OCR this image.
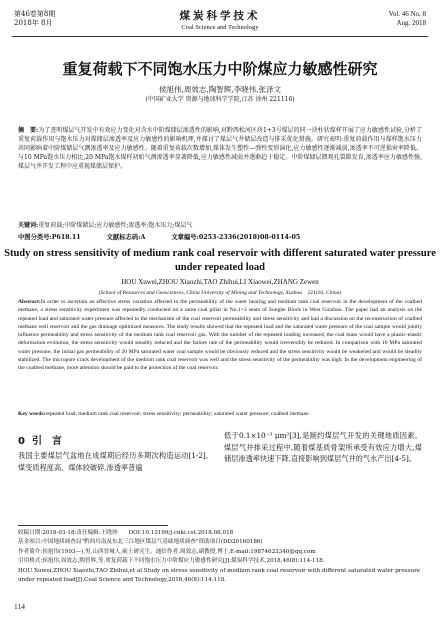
第46卷第8期
2018年 8月
煤炭科学技术
Coal Science and Technology
Vol. 46 No. 8
Aug. 2018
重复荷载下不同饱水压力中阶煤应力敏感性研究
侯旭伟,周效志,陶智辉,李晓伟,张泽文
(中国矿业大学 资源与地球科学学院,江苏 徐州 221116)
摘　要:为了查明煤层气开发中有效应力变化对含水中阶煤储层渗透性的影响,对黔西松河区块1+3号煤层的同一块柱状煤样开展了应力敏感性试验,分析了重复荷载作用与饱水压力对煤储层渗透率及应力敏感性的影响机理,并探讨了煤层气井储层改造与排采优化措施。研究表明:重复荷载作用与煤样饱水压力共同影响着中阶煤储层气测渗透率及应力敏感性。随着重复荷载次数增加,煤体发生塑性—弹性变形演化,应力敏感性逐渐减弱,渗透率不可逆损害率降低。与10 MPa饱水压力相比,20 MPa饱水煤样初始气测渗透率显著降低,应力敏感性减弱并逐渐趋于稳定。中阶煤储层微观孔裂隙发育,渗透率应力敏感性强,煤层气井开发工程中应重视煤储层保护。
关键词:重复荷载;中阶煤储层;应力敏感性;渗透率;饱水压力;煤层气
中图分类号:P618.11	文献标志码:A	文章编号:0253-2336(2018)08-0114-05
Study on stress sensitivity of medium rank coal reservoir with different saturated water pressure under repeated load
HOU Xuwei,ZHOU Xiaozhi,TAO Zhihui,LI Xiaowei,ZHANG Zewen
(School of Resources and Geosciences, China University of Mining and Technology, Xuzhou　221116, China)
Abstract:In order to ascertain an effective stress variation affected to the permeability of the water bearing and medium rank coal reservoir in the development of the coalbed methane, a stress sensitivity experiment was repeatedly conducted on a same coal pillar in No.1+3 seam of Songhe Block in West Guizhou. The paper had an analysis on the repeated load and saturated water pressure affected to the mechanism of the coal reservoir permeability and stress sensitivity and had a discussion on the reconstruction of coalbed methane well reservoir and the gas drainage optimized measures. The study results showed that the repeated load and the saturated water pressure of the coal sample would jointly influence permeability and stress sensitivity of the medium rank coal reservoir gas. With the number of the repeated loading increased, the coal mass would have a plastic-elastic deformation evolution, the stress sensitivity would steadily reduced and the failure rate of the permeability would irreversibly be reduced. In comparison with 10 MPa saturated water pressure, the initial gas permeability of 20 MPa saturated water coal sample would be obviously reduced and the stress sensitivity would be weakened and would be steadily stabilized. The micropore crack development of the medium rank coal reservoir was well and the stress sensitivity of the permeability was high. In the development engineering of the coalbed methane, more attention should be paid to the protection of the coal reservoir.
Key words:repeated load; medium rank coal reservoir; stress sensitivity; permeability; saturated water pressure; coalbed methane
0 引　言
我国主要煤层气盆地在成煤期后经历多期次构造运动[1-2],煤变质程度高、煤体较破碎,渗透率普遍
低于0.1×10⁻³ μm²[3],是制约煤层气开发的关键地质因素。煤层气井排采过程中,随着煤基质骨架所承受有效应力增大,煤储层渗透率快速下降,直接影响到煤层气井的气水产出[4-5]。
收稿日期:2018-03-18;责任编辑:王晓珍　　DOI:10.13199/j.cnki.cst.2018.08.018
基金项目:中国地质调查局"黔西川南及东北三江地区煤层气基础地质调查"资助项目(DD20160186)
作者简介:侯旭伟(1993—),男,山西晋城人,硕士研究生。通信作者:周效志,副教授,博士,E-mail:19874623340@qq.com
引用格式:侯旭伟,周效志,陶智辉,等.重复荷载下不同饱水压力中阶煤应力敏感性研究[J].煤炭科学技术,2018,46(8):114-118.
HOU Xuwei,ZHOU Xiaozhi,TAO Zhihui,et al.Study on stress sensitivity of medium rank coal reservoir with different saturated water pressure under repeated load[J].Coal Science and Technology,2018,46(8):114-118.
114
